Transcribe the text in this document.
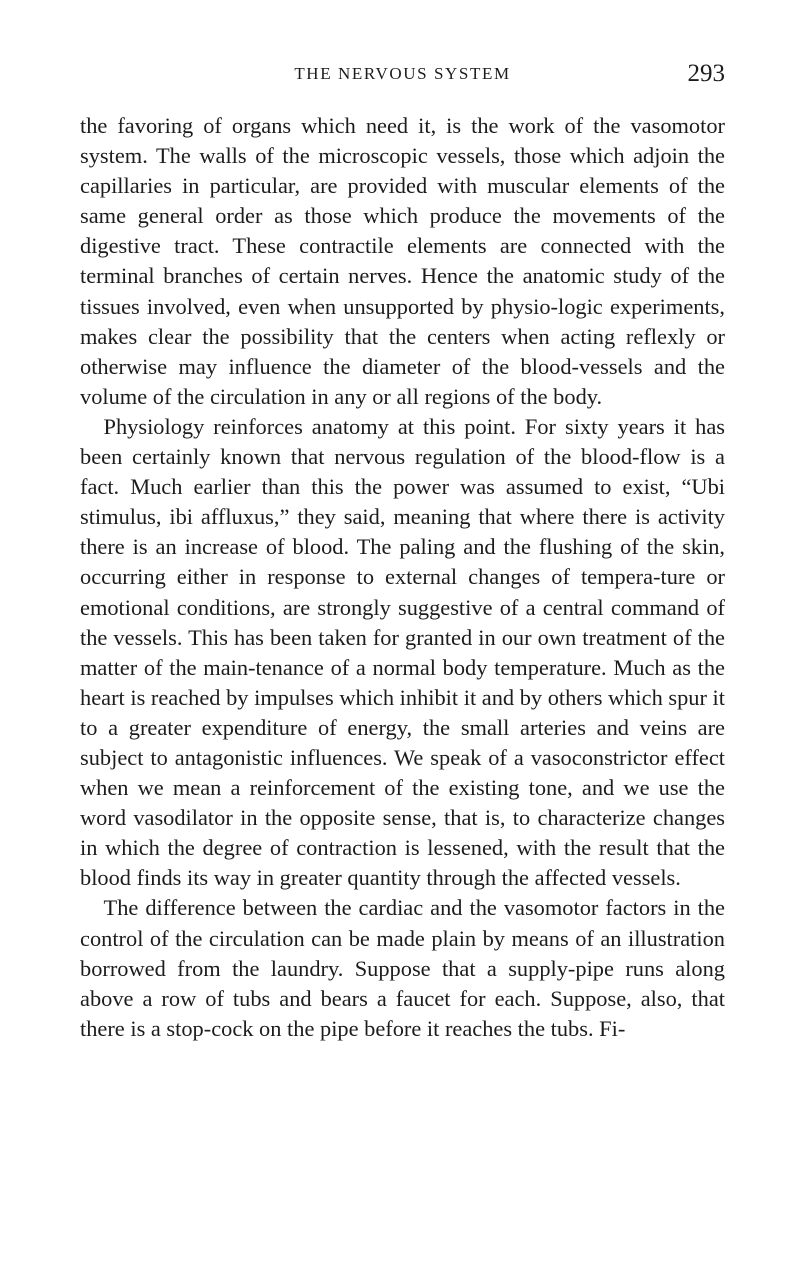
THE NERVOUS SYSTEM	293

the favoring of organs which need it, is the work of the vasomotor system. The walls of the microscopic vessels, those which adjoin the capillaries in particular, are provided with muscular elements of the same general order as those which produce the movements of the digestive tract. These contractile elements are connected with the terminal branches of certain nerves. Hence the anatomic study of the tissues involved, even when unsupported by physio-logic experiments, makes clear the possibility that the centers when acting reflexly or otherwise may influence the diameter of the blood-vessels and the volume of the circulation in any or all regions of the body.

Physiology reinforces anatomy at this point. For sixty years it has been certainly known that nervous regulation of the blood-flow is a fact. Much earlier than this the power was assumed to exist, “Ubi stimulus, ibi affluxus,” they said, meaning that where there is activity there is an increase of blood. The paling and the flushing of the skin, occurring either in response to external changes of tempera-ture or emotional conditions, are strongly suggestive of a central command of the vessels. This has been taken for granted in our own treatment of the matter of the main-tenance of a normal body temperature. Much as the heart is reached by impulses which inhibit it and by others which spur it to a greater expenditure of energy, the small arteries and veins are subject to antagonistic influences. We speak of a vasoconstrictor effect when we mean a reinforcement of the existing tone, and we use the word vasodilator in the opposite sense, that is, to characterize changes in which the degree of contraction is lessened, with the result that the blood finds its way in greater quantity through the affected vessels.

The difference between the cardiac and the vasomotor factors in the control of the circulation can be made plain by means of an illustration borrowed from the laundry. Suppose that a supply-pipe runs along above a row of tubs and bears a faucet for each. Suppose, also, that there is a stop-cock on the pipe before it reaches the tubs. Fi-
